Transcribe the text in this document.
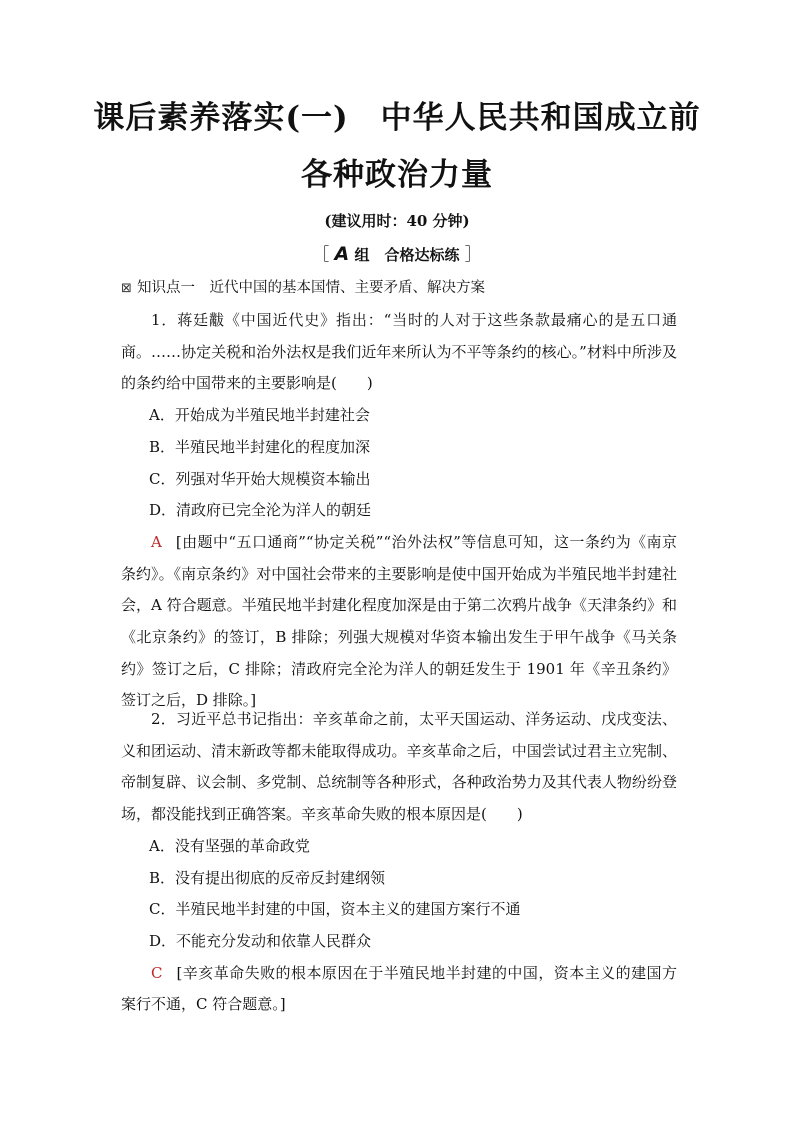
课后素养落实(一)　中华人民共和国成立前
各种政治力量
(建议用时：40 分钟)
［ A 组　合格达标练 ］
⊠ 知识点一　近代中国的基本国情、主要矛盾、解决方案

1．蒋廷黻《中国近代史》指出：“当时的人对于这些条款最痛心的是五口通商。……协定关税和治外法权是我们近年来所认为不平等条约的核心。”材料中所涉及的条约给中国带来的主要影响是(　　)

A．开始成为半殖民地半封建社会

B．半殖民地半封建化的程度加深

C．列强对华开始大规模资本输出

D．清政府已完全沦为洋人的朝廷

A [由题中“五口通商”“协定关税”“治外法权”等信息可知，这一条约为《南京条约》。《南京条约》对中国社会带来的主要影响是使中国开始成为半殖民地半封建社会，A 符合题意。半殖民地半封建化程度加深是由于第二次鸦片战争《天津条约》和《北京条约》的签订，B 排除；列强大规模对华资本输出发生于甲午战争《马关条约》签订之后，C 排除；清政府完全沦为洋人的朝廷发生于 1901 年《辛丑条约》签订之后，D 排除。]

2．习近平总书记指出：辛亥革命之前，太平天国运动、洋务运动、戊戌变法、义和团运动、清末新政等都未能取得成功。辛亥革命之后，中国尝试过君主立宪制、帝制复辟、议会制、多党制、总统制等各种形式，各种政治势力及其代表人物纷纷登场，都没能找到正确答案。辛亥革命失败的根本原因是(　　)

A．没有坚强的革命政党

B．没有提出彻底的反帝反封建纲领

C．半殖民地半封建的中国，资本主义的建国方案行不通

D．不能充分发动和依靠人民群众

C [辛亥革命失败的根本原因在于半殖民地半封建的中国，资本主义的建国方案行不通，C 符合题意。]
